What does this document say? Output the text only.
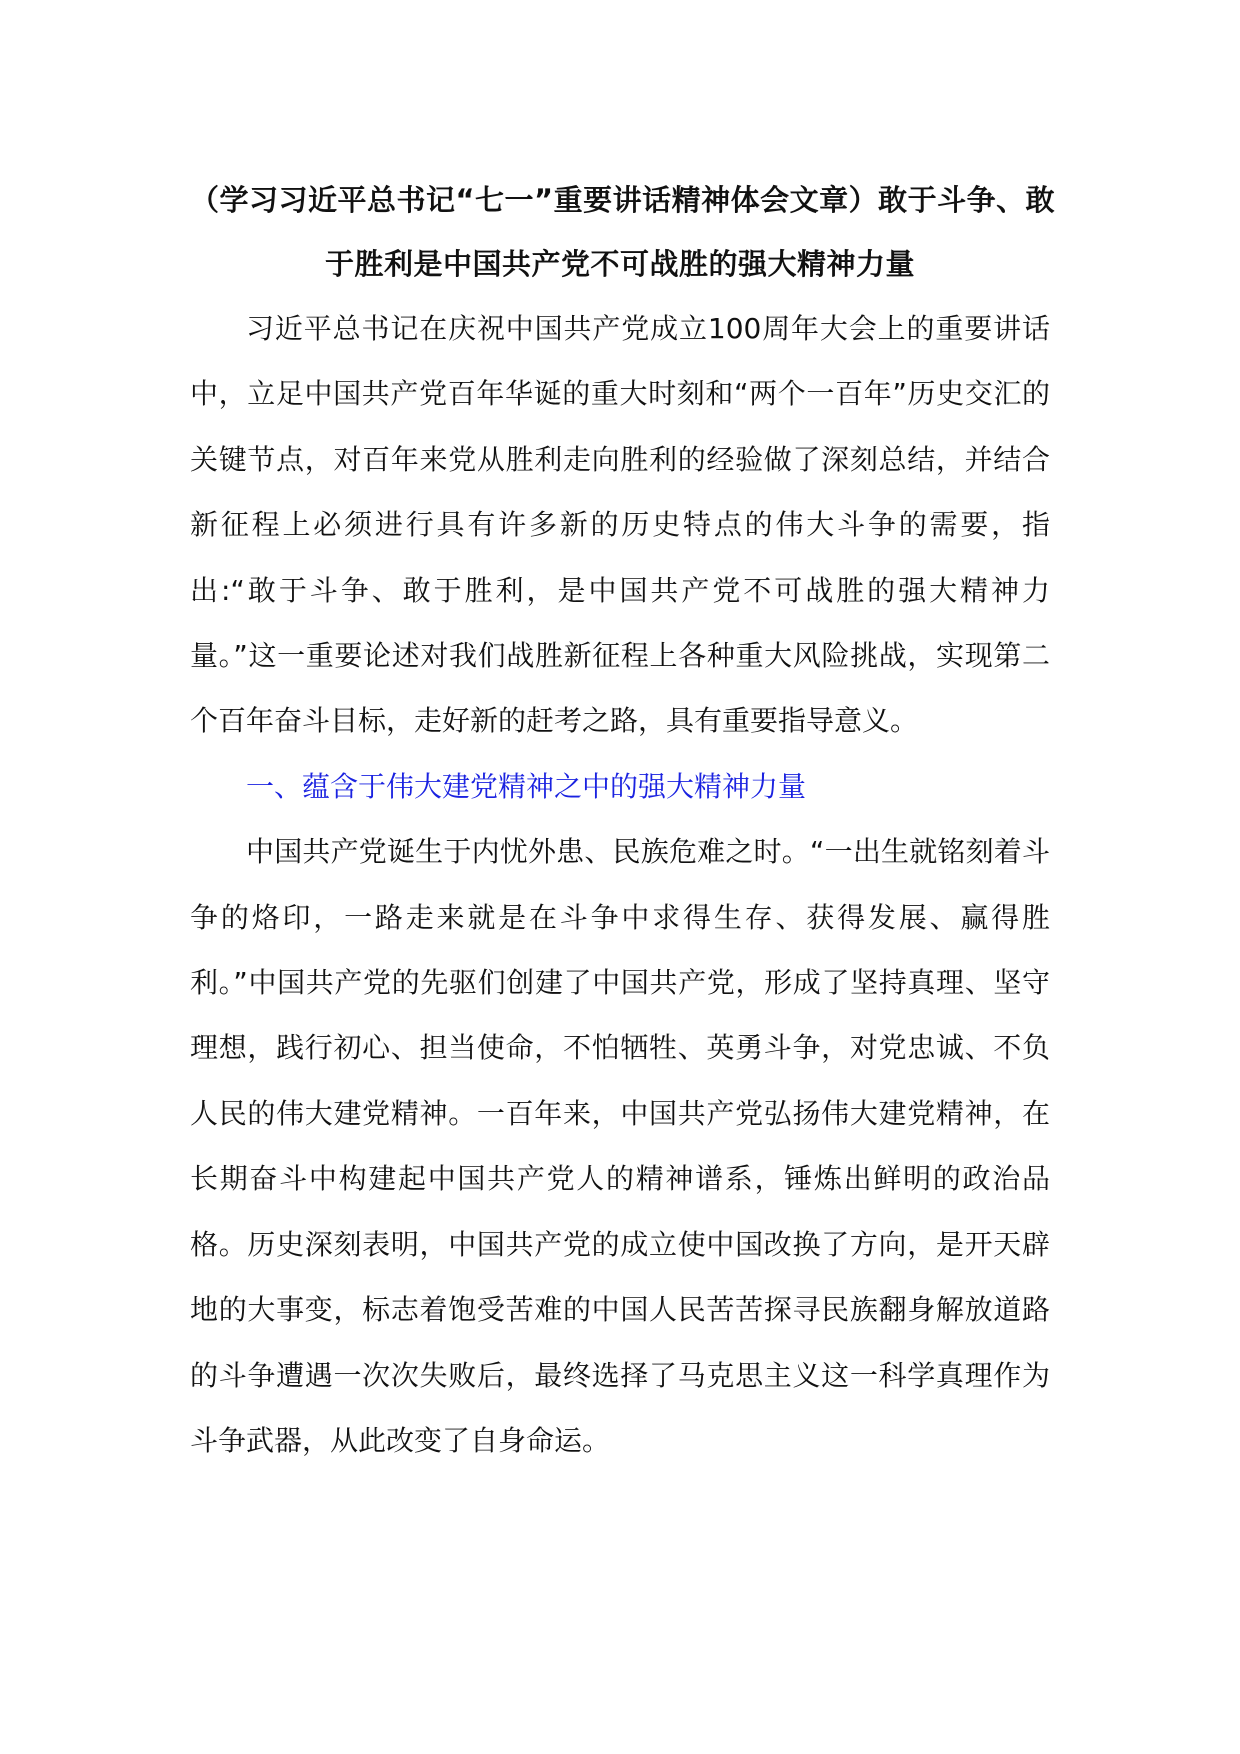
（学习习近平总书记“七一”重要讲话精神体会文章）敢于斗争、敢
于胜利是中国共产党不可战胜的强大精神力量

习近平总书记在庆祝中国共产党成立100周年大会上的重要讲话中，立足中国共产党百年华诞的重大时刻和“两个一百年”历史交汇的关键节点，对百年来党从胜利走向胜利的经验做了深刻总结，并结合新征程上必须进行具有许多新的历史特点的伟大斗争的需要，指出:“敢于斗争、敢于胜利，是中国共产党不可战胜的强大精神力量。”这一重要论述对我们战胜新征程上各种重大风险挑战，实现第二个百年奋斗目标，走好新的赶考之路，具有重要指导意义。

一、蕴含于伟大建党精神之中的强大精神力量

中国共产党诞生于内忧外患、民族危难之时。“一出生就铭刻着斗争的烙印，一路走来就是在斗争中求得生存、获得发展、赢得胜利。”中国共产党的先驱们创建了中国共产党，形成了坚持真理、坚守理想，践行初心、担当使命，不怕牺牲、英勇斗争，对党忠诚、不负人民的伟大建党精神。一百年来，中国共产党弘扬伟大建党精神，在长期奋斗中构建起中国共产党人的精神谱系，锤炼出鲜明的政治品格。历史深刻表明，中国共产党的成立使中国改换了方向，是开天辟地的大事变，标志着饱受苦难的中国人民苦苦探寻民族翻身解放道路的斗争遭遇一次次失败后，最终选择了马克思主义这一科学真理作为斗争武器，从此改变了自身命运。
